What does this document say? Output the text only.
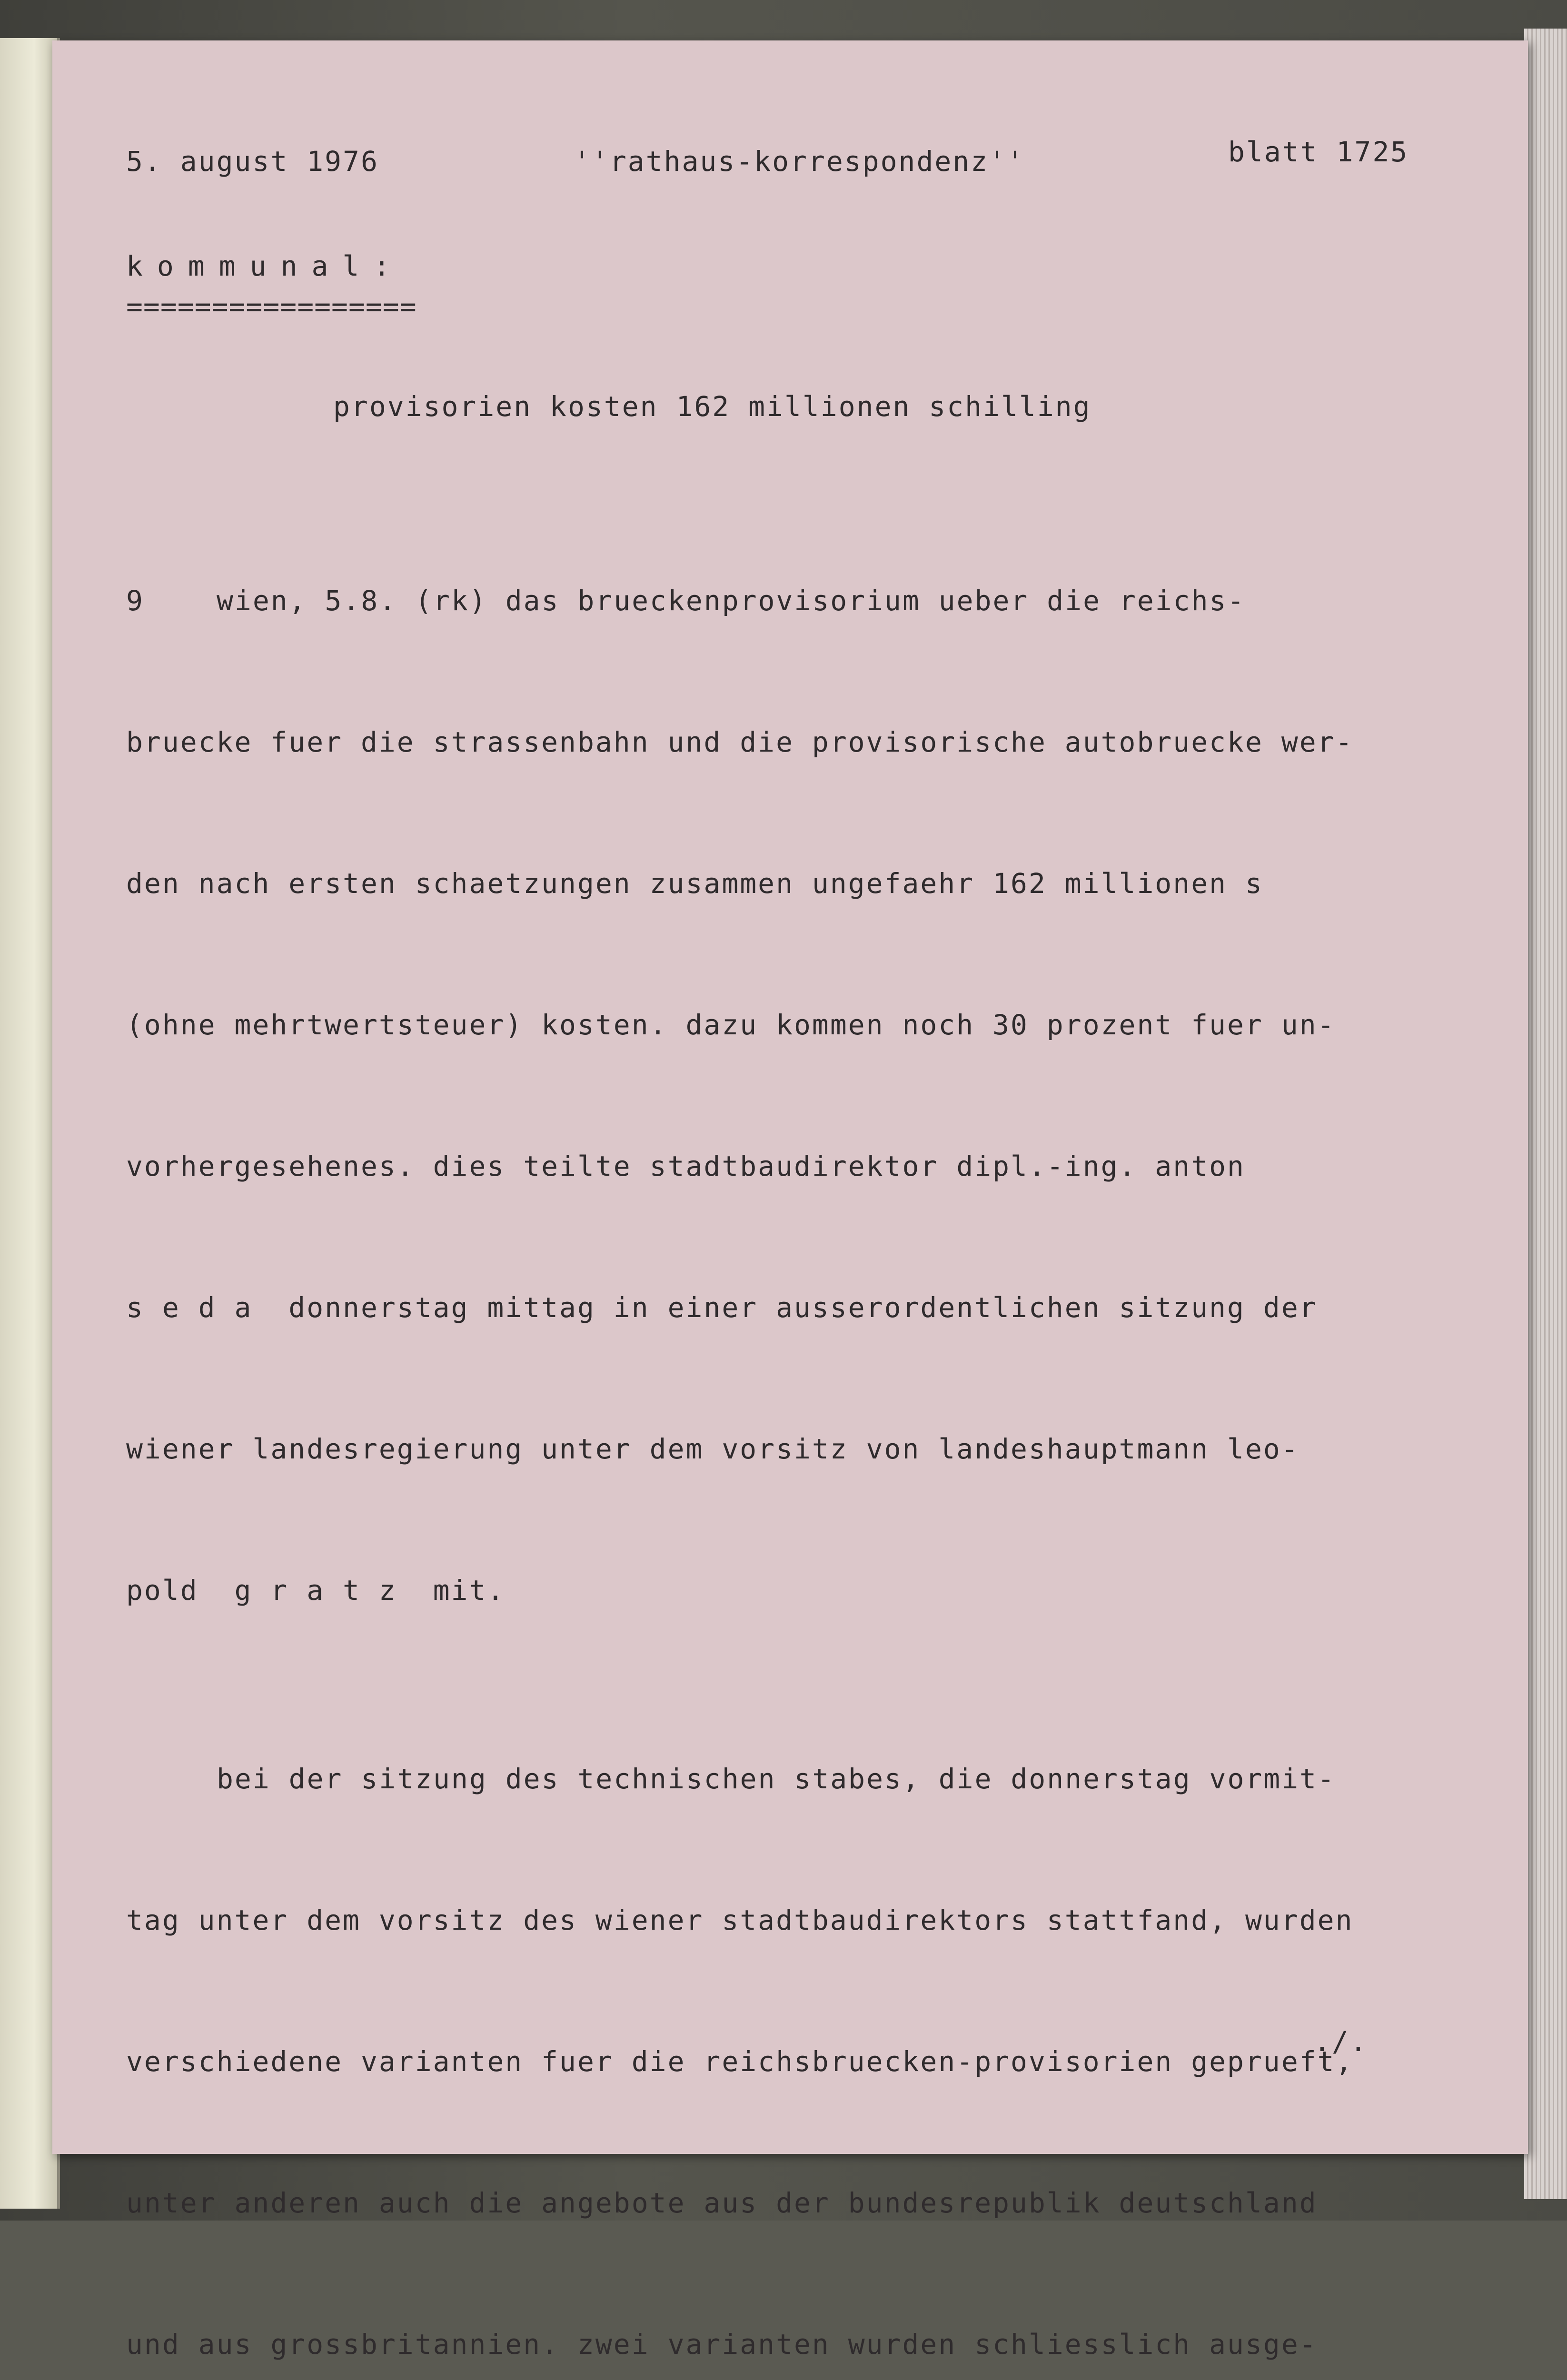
5. august 1976	''rathaus-korrespondenz''	blatt 1725
kommunal:
=================
provisorien kosten 162 millionen schilling

9	wien, 5.8. (rk) das brueckenprovisorium ueber die reichs-

bruecke fuer die strassenbahn und die provisorische autobruecke wer-

den nach ersten schaetzungen zusammen ungefaehr 162 millionen s

(ohne mehrtwertsteuer) kosten. dazu kommen noch 30 prozent fuer un-

vorhergesehenes. dies teilte stadtbaudirektor dipl.-ing. anton

s e d a  donnerstag mittag in einer ausserordentlichen sitzung der

wiener landesregierung unter dem vorsitz von landeshauptmann leo-

pold  g r a t z  mit.

bei der sitzung des technischen stabes, die donnerstag vormit-

tag unter dem vorsitz des wiener stadtbaudirektors stattfand, wurden

verschiedene varianten fuer die reichsbruecken-provisorien geprueft,

unter anderen auch die angebote aus der bundesrepublik deutschland

und aus grossbritannien. zwei varianten wurden schliesslich ausge-

./.
